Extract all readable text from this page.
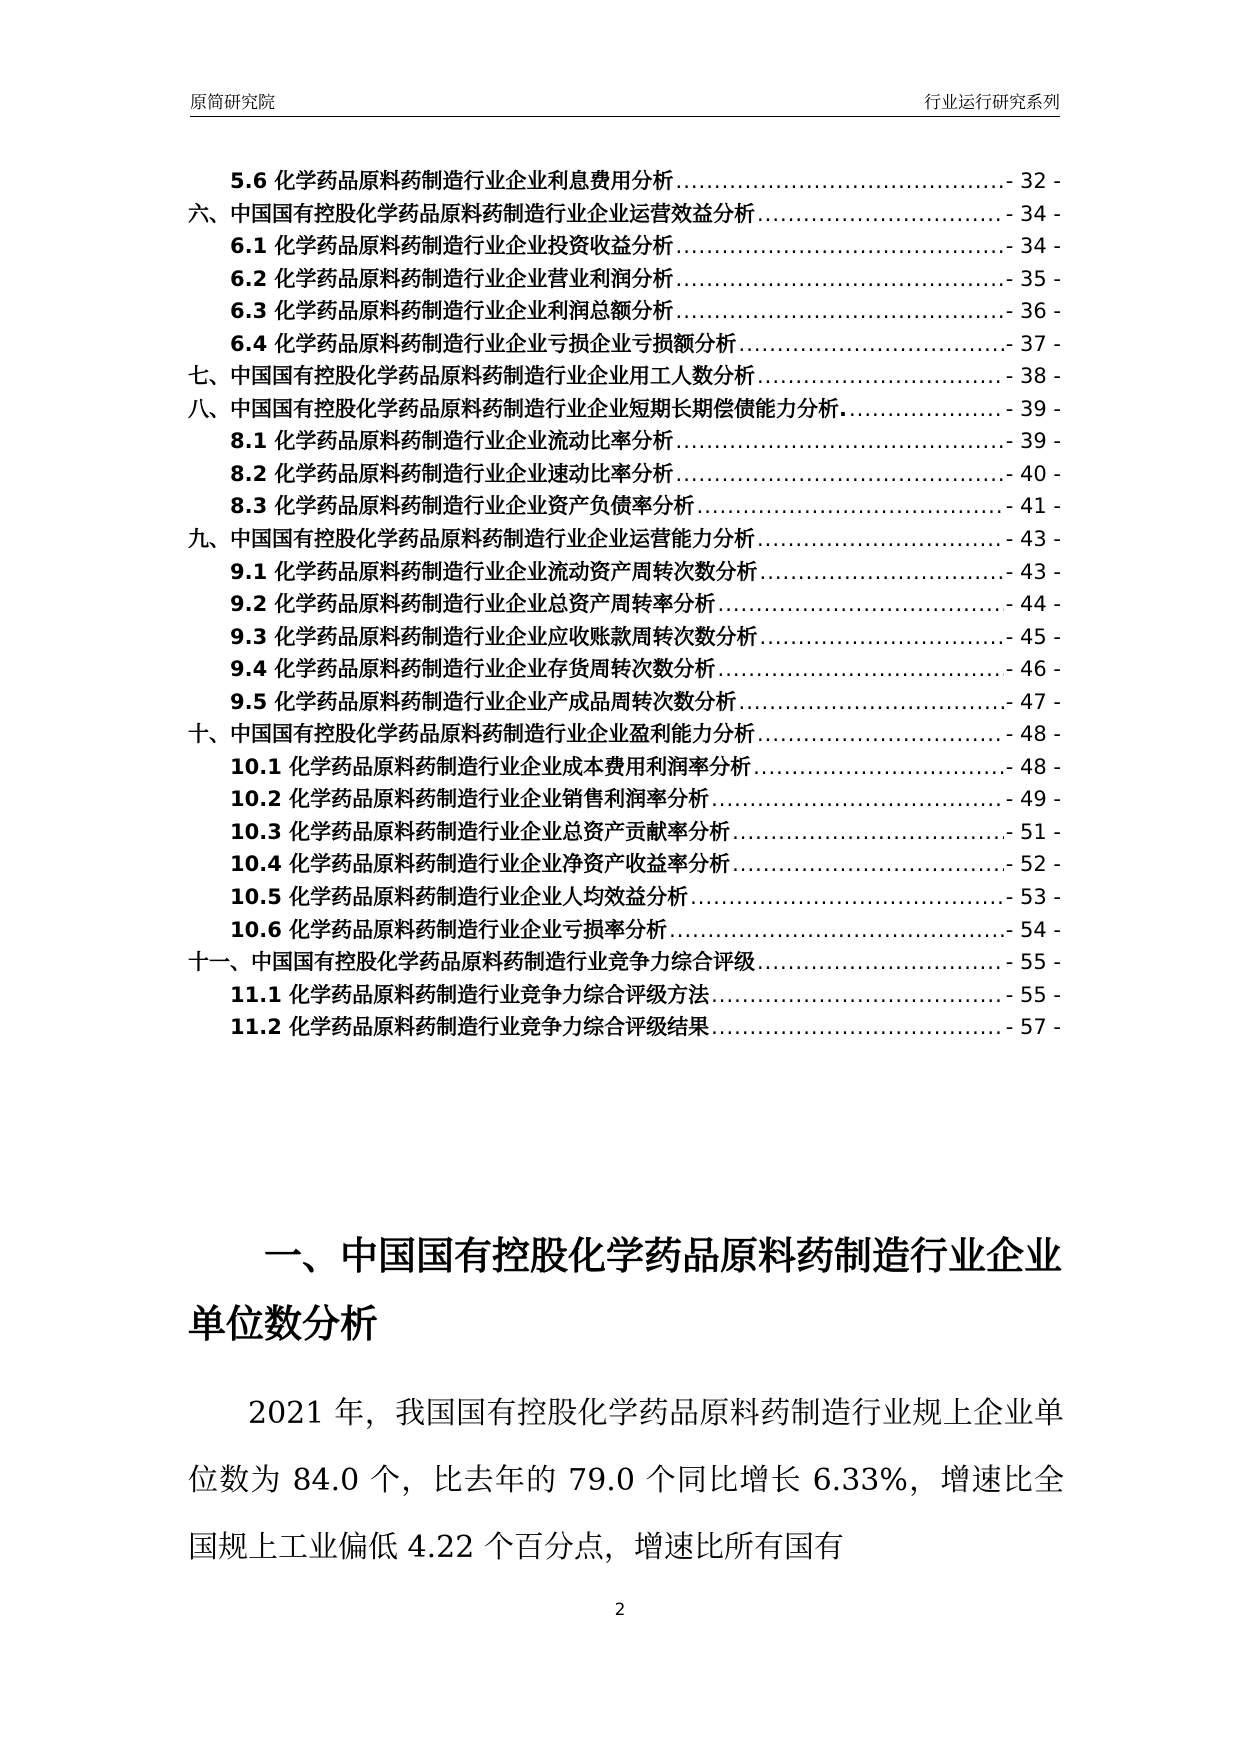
原简研究院	行业运行研究系列
5.6 化学药品原料药制造行业企业利息费用分析 .....	- 32 -
六、中国国有控股化学药品原料药制造行业企业运营效益分析 .....	- 34 -
6.1 化学药品原料药制造行业企业投资收益分析 .....	- 34 -
6.2 化学药品原料药制造行业企业营业利润分析 .....	- 35 -
6.3 化学药品原料药制造行业企业利润总额分析 .....	- 36 -
6.4 化学药品原料药制造行业企业亏损企业亏损额分析 .....	- 37 -
七、中国国有控股化学药品原料药制造行业企业用工人数分析 .....	- 38 -
八、中国国有控股化学药品原料药制造行业企业短期长期偿债能力分析. .....	- 39 -
8.1 化学药品原料药制造行业企业流动比率分析 .....	- 39 -
8.2 化学药品原料药制造行业企业速动比率分析 .....	- 40 -
8.3 化学药品原料药制造行业企业资产负债率分析 .....	- 41 -
九、中国国有控股化学药品原料药制造行业企业运营能力分析 .....	- 43 -
9.1 化学药品原料药制造行业企业流动资产周转次数分析 .....	- 43 -
9.2 化学药品原料药制造行业企业总资产周转率分析 .....	- 44 -
9.3 化学药品原料药制造行业企业应收账款周转次数分析 .....	- 45 -
9.4 化学药品原料药制造行业企业存货周转次数分析 .....	- 46 -
9.5 化学药品原料药制造行业企业产成品周转次数分析 .....	- 47 -
十、中国国有控股化学药品原料药制造行业企业盈利能力分析 .....	- 48 -
10.1 化学药品原料药制造行业企业成本费用利润率分析 .....	- 48 -
10.2 化学药品原料药制造行业企业销售利润率分析 .....	- 49 -
10.3 化学药品原料药制造行业企业总资产贡献率分析 .....	- 51 -
10.4 化学药品原料药制造行业企业净资产收益率分析 .....	- 52 -
10.5 化学药品原料药制造行业企业人均效益分析 .....	- 53 -
10.6 化学药品原料药制造行业企业亏损率分析 .....	- 54 -
十一、中国国有控股化学药品原料药制造行业竞争力综合评级 .....	- 55 -
11.1 化学药品原料药制造行业竞争力综合评级方法 .....	- 55 -
11.2 化学药品原料药制造行业竞争力综合评级结果 .....	- 57 -
一、中国国有控股化学药品原料药制造行业企业单位数分析
2021 年，我国国有控股化学药品原料药制造行业规上企业单位数为 84.0 个，比去年的 79.0 个同比增长 6.33%，增速比全国规上工业偏低 4.22 个百分点，增速比所有国有
2
